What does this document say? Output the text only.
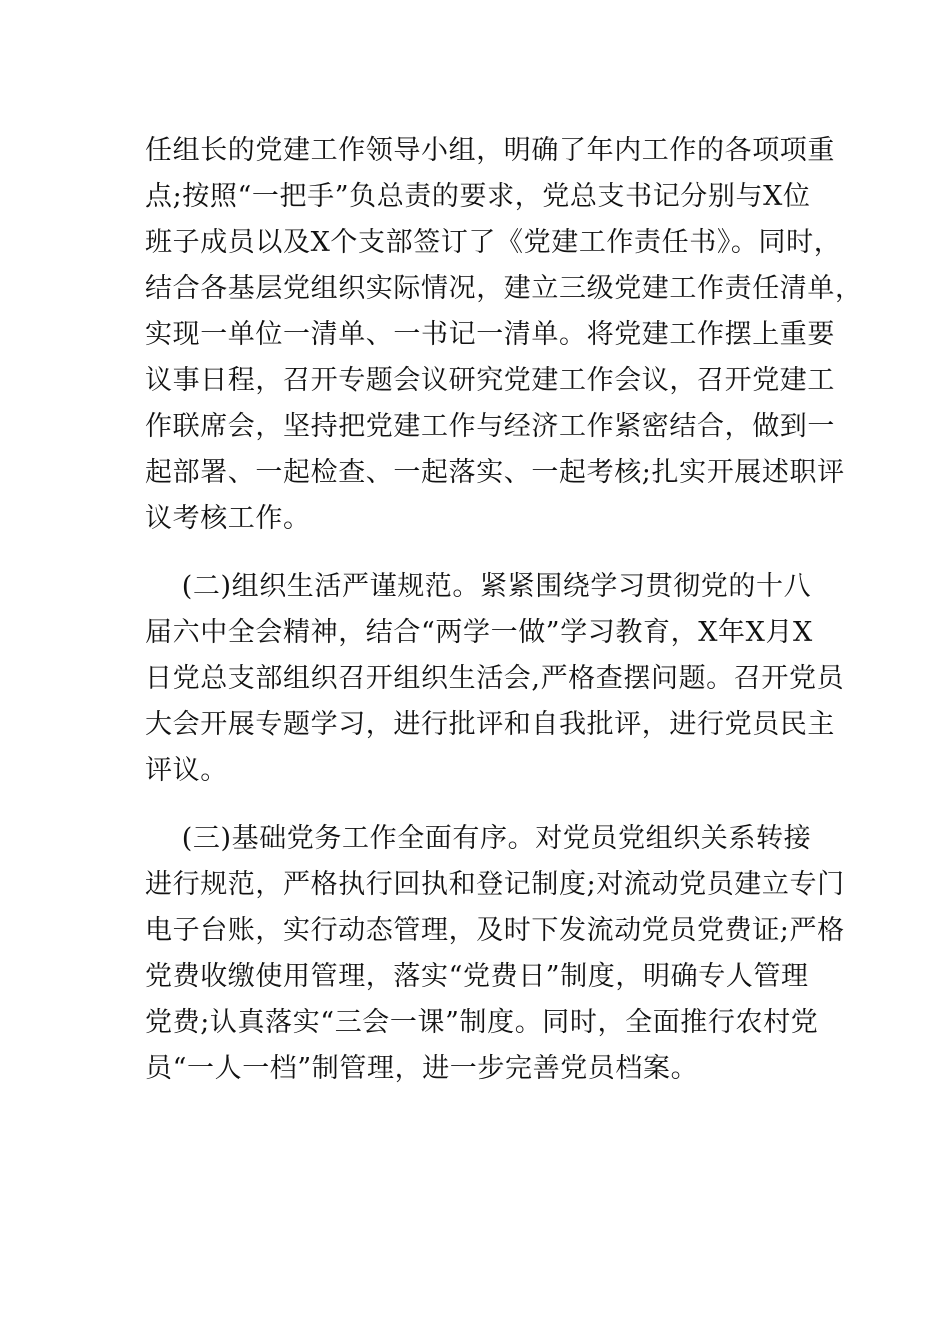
任组长的党建工作领导小组，明确了年内工作的各项项重
点;按照“一把手”负总责的要求，党总支书记分别与X位
班子成员以及X个支部签订了《党建工作责任书》。同时，
结合各基层党组织实际情况，建立三级党建工作责任清单，
实现一单位一清单、一书记一清单。将党建工作摆上重要
议事日程，召开专题会议研究党建工作会议，召开党建工
作联席会，坚持把党建工作与经济工作紧密结合，做到一
起部署、一起检查、一起落实、一起考核;扎实开展述职评
议考核工作。
(二)组织生活严谨规范。紧紧围绕学习贯彻党的十八
届六中全会精神，结合“两学一做”学习教育，X年X月X
日党总支部组织召开组织生活会,严格查摆问题。召开党员
大会开展专题学习，进行批评和自我批评，进行党员民主
评议。
(三)基础党务工作全面有序。对党员党组织关系转接
进行规范，严格执行回执和登记制度;对流动党员建立专门
电子台账，实行动态管理，及时下发流动党员党费证;严格
党费收缴使用管理，落实“党费日”制度，明确专人管理
党费;认真落实“三会一课”制度。同时，全面推行农村党
员“一人一档”制管理，进一步完善党员档案。
